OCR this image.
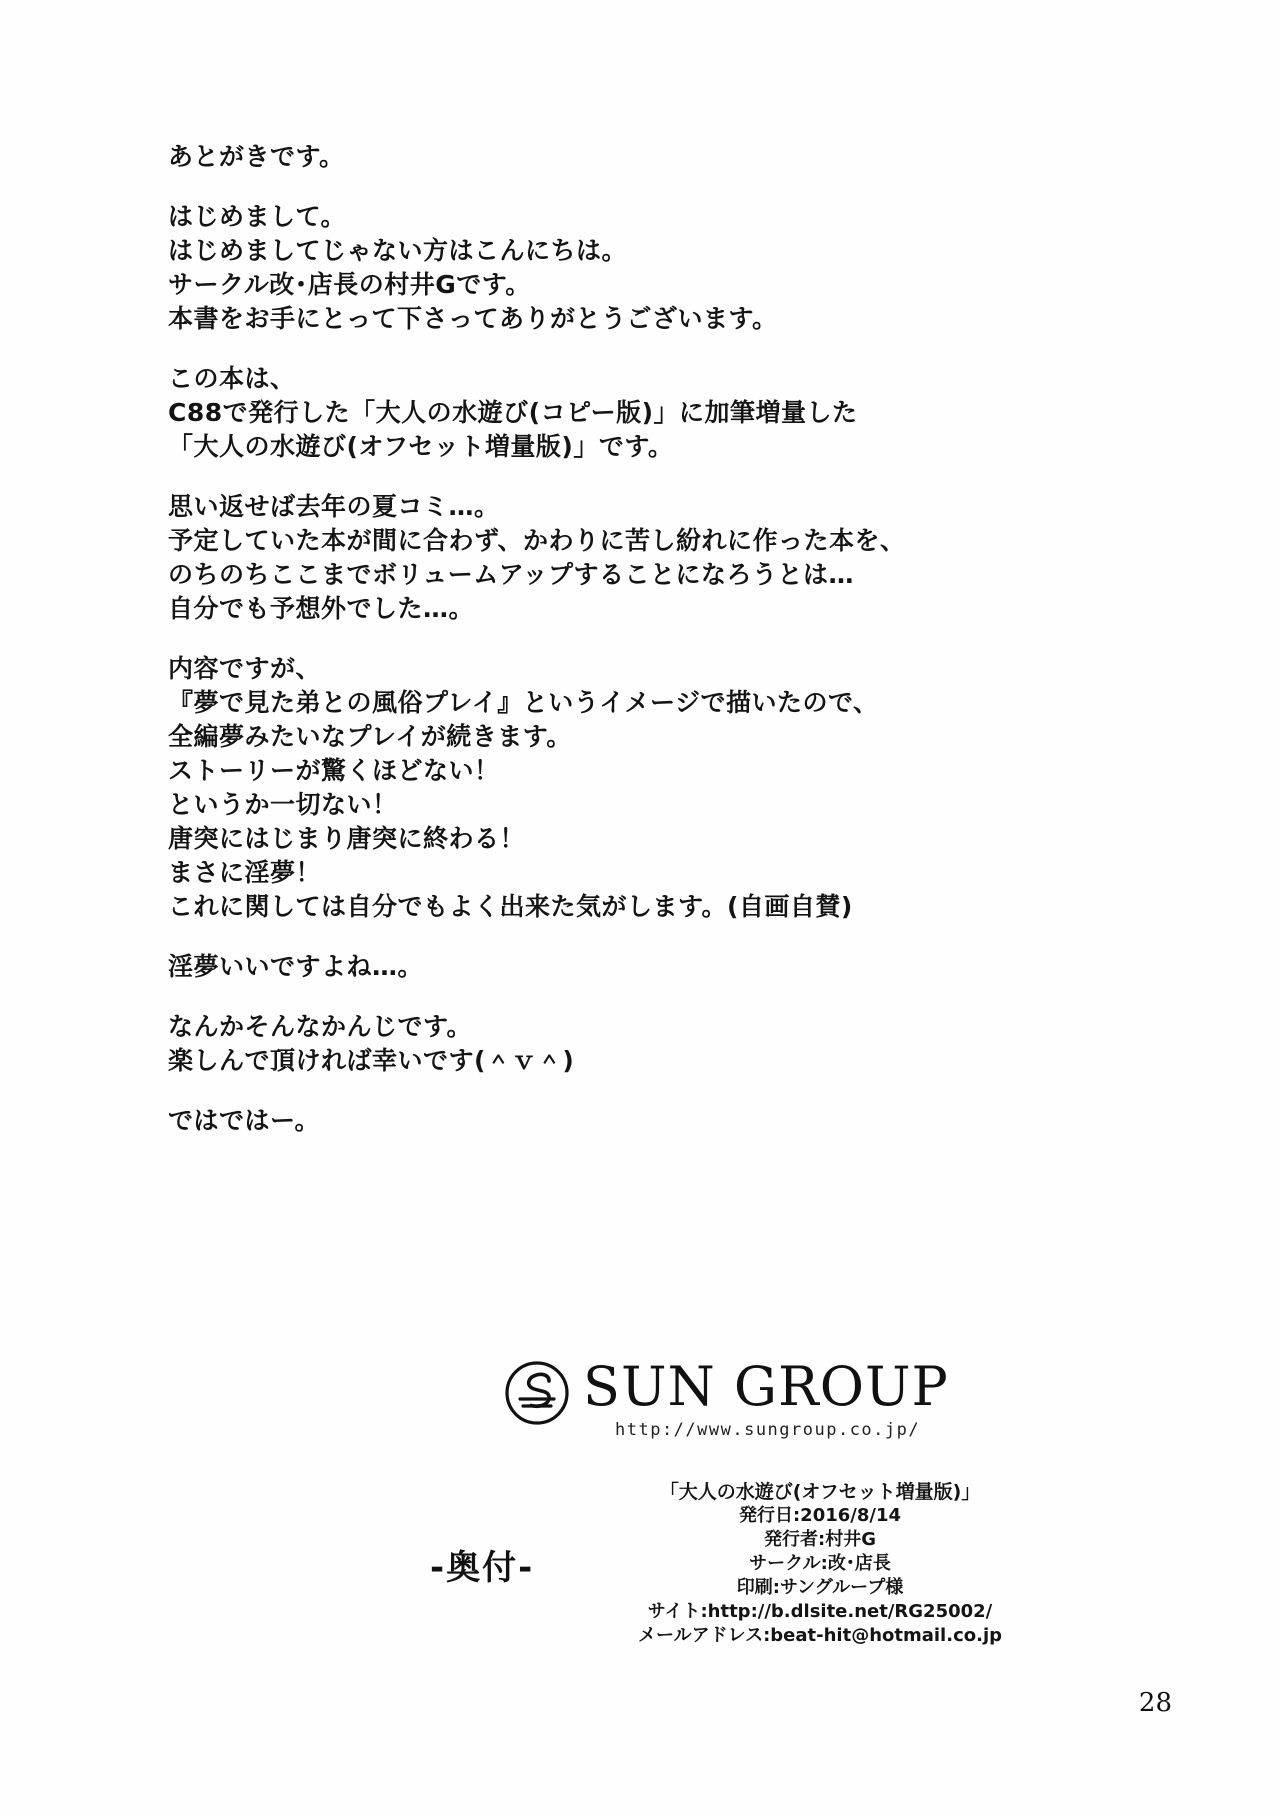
あとがきです。
はじめまして。
はじめましてじゃない方はこんにちは。
サークル改･店長の村井Gです。
本書をお手にとって下さってありがとうございます。
この本は、
C88で発行した「大人の水遊び(コピー版)」に加筆増量した
「大人の水遊び(オフセット増量版)」です。
思い返せば去年の夏コミ…。
予定していた本が間に合わず、かわりに苦し紛れに作った本を、
のちのちここまでボリュームアップすることになろうとは…
自分でも予想外でした…。
内容ですが、
『夢で見た弟との風俗プレイ』というイメージで描いたので、
全編夢みたいなプレイが続きます。
ストーリーが驚くほどない！
というか一切ない！
唐突にはじまり唐突に終わる！
まさに淫夢！
これに関しては自分でもよく出来た気がします。(自画自賛)
淫夢いいですよね…。
なんかそんなかんじです。
楽しんで頂ければ幸いです(＾ｖ＾)
ではではー。
SUN GROUP
http://www.sungroup.co.jp/
-奥付-
「大人の水遊び(オフセット増量版)」
発行日:2016/8/14
発行者:村井G
サークル:改･店長
印刷:サングループ様
サイト:http://b.dlsite.net/RG25002/
メールアドレス:beat-hit@hotmail.co.jp
28
